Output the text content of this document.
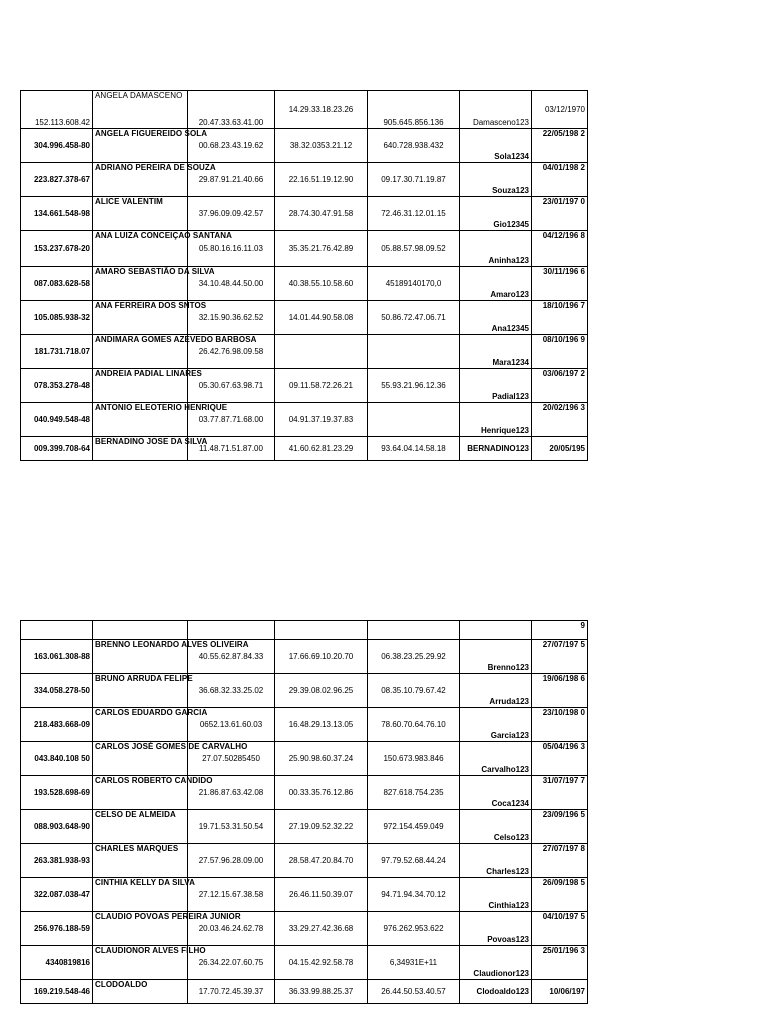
152.113.608.42	ANGELA DAMASCENO	20.47.33.63.41.00	14.29.33.18.23.26	905.645.856.136	Damasceno123	03/12/1970
304.996.458-80	ANGELA FIGUEREIDO SOLA	00.68.23.43.19.62	38.32.0353.21.12	640.728.938.432	Sola1234	22/05/198 2
223.827.378-67	ADRIANO PEREIRA DE SOUZA	29.87.91.21.40.66	22.16.51.19.12.90	09.17.30.71.19.87	Souza123	04/01/198 2
134.661.548-98	ALICE VALENTIM	37.96.09.09.42.57	28.74.30.47.91.58	72.46.31.12.01.15	Gio12345	23/01/197 0
153.237.678-20	ANA LUIZA CONCEIÇAO SANTANA	05.80.16.16.11.03	35.35.21.76.42.89	05.88.57.98.09.52	Aninha123	04/12/196 8
087.083.628-58	AMARO SEBASTIÃO DA SILVA	34.10.48.44.50.00	40.38.55.10.58.60	45189140170,0	Amaro123	30/11/196 6
105.085.938-32	ANA FERREIRA DOS SNTOS	32.15.90.36.62.52	14.01.44.90.58.08	50.86.72.47.06.71	Ana12345	18/10/196 7
181.731.718.07	ANDIMARA GOMES AZEVEDO BARBOSA	26.42.76.98.09.58			Mara1234	08/10/196 9
078.353.278-48	ANDREIA PADIAL LINARES	05.30.67.63.98.71	09.11.58.72.26.21	55.93.21.96.12.36	Padial123	03/06/197 2
040.949.548-48	ANTONIO ELEOTERIO HENRIQUE	03.77.87.71.68.00	04.91.37.19.37.83		Henrique123	20/02/196 3
009.399.708-64	BERNADINO JOSE DA SILVA	11.48.71.51.87.00	41.60.62.81.23.29	93.64.04.14.58.18	BERNADINO123	20/05/195
						9
163.061.308-88	BRENNO LEONARDO ALVES OLIVEIRA	40.55.62.87.84.33	17.66.69.10.20.70	06.38.23.25.29.92	Brenno123	27/07/197 5
334.058.278-50	BRUNO ARRUDA FELIPE	36.68.32.33.25.02	29.39.08.02.96.25	08.35.10.79.67.42	Arruda123	19/06/198 6
218.483.668-09	CARLOS EDUARDO GARCIA	0652.13.61.60.03	16.48.29.13.13.05	78.60.70.64.76.10	Garcia123	23/10/198 0
043.840.108 50	CARLOS JOSÉ GOMES DE CARVALHO	27.07.50285450	25.90.98.60.37.24	150.673.983.846	Carvalho123	05/04/196 3
193.528.698-69	CARLOS ROBERTO CANDIDO	21.86.87.63.42.08	00.33.35.76.12.86	827.618.754.235	Coca1234	31/07/197 7
088.903.648-90	CELSO DE ALMEIDA	19.71.53.31.50.54	27.19.09.52.32.22	972.154.459.049	Celso123	23/09/196 5
263.381.938-93	CHARLES MARQUES	27.57.96.28.09.00	28.58.47.20.84.70	97.79.52.68.44.24	Charles123	27/07/197 8
322.087.038-47	CINTHIA KELLY DA SILVA	27.12.15.67.38.58	26.46.11.50.39.07	94.71.94.34.70.12	Cinthia123	26/09/198 5
256.976.188-59	CLAUDIO POVOAS PEREIRA JUNIOR	20.03.46.24.62.78	33.29.27.42.36.68	976.262.953.622	Povoas123	04/10/197 5
4340819816	CLAUDIONOR ALVES FILHO	26.34.22.07.60.75	04.15.42.92.58.78	6,34931E+11	Claudionor123	25/01/196 3
169.219.548-46	CLODOALDO	17.70.72.45.39.37	36.33.99.88.25.37	26.44.50.53.40.57	Clodoaldo123	10/06/197
